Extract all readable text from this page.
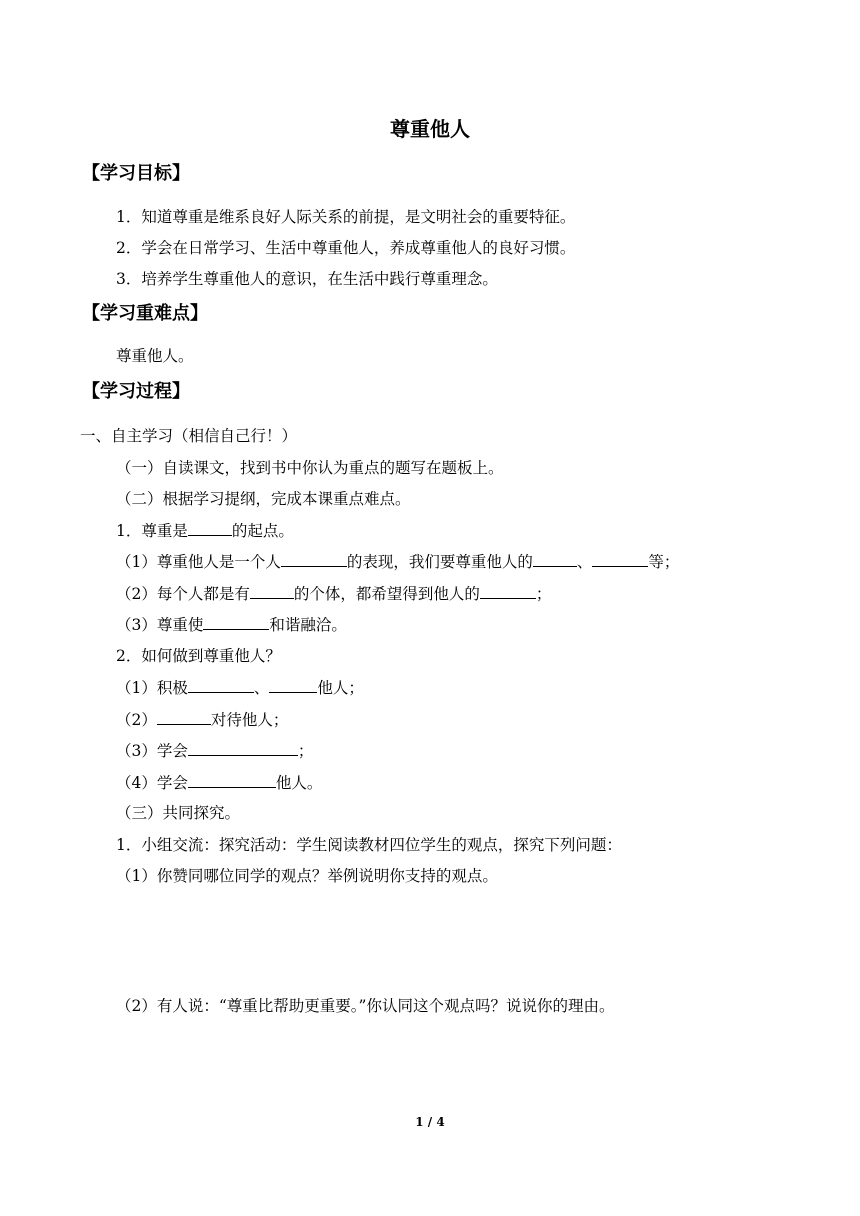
尊重他人
【学习目标】
1．知道尊重是维系良好人际关系的前提，是文明社会的重要特征。
2．学会在日常学习、生活中尊重他人，养成尊重他人的良好习惯。
3．培养学生尊重他人的意识，在生活中践行尊重理念。
【学习重难点】
尊重他人。
【学习过程】
一、自主学习（相信自己行！）
（一）自读课文，找到书中你认为重点的题写在题板上。
（二）根据学习提纲，完成本课重点难点。
1．尊重是	的起点。
（1）尊重他人是一个人	的表现，我们要尊重他人的	、	等；
（2）每个人都是有	的个体，都希望得到他人的	；
（3）尊重使	和谐融洽。
2．如何做到尊重他人？
（1）积极	、	他人；
（2）	对待他人；
（3）学会	；
（4）学会	他人。
（三）共同探究。
1．小组交流：探究活动：学生阅读教材四位学生的观点，探究下列问题：
（1）你赞同哪位同学的观点？举例说明你支持的观点。
（2）有人说：“尊重比帮助更重要。”你认同这个观点吗？说说你的理由。
1 / 4
